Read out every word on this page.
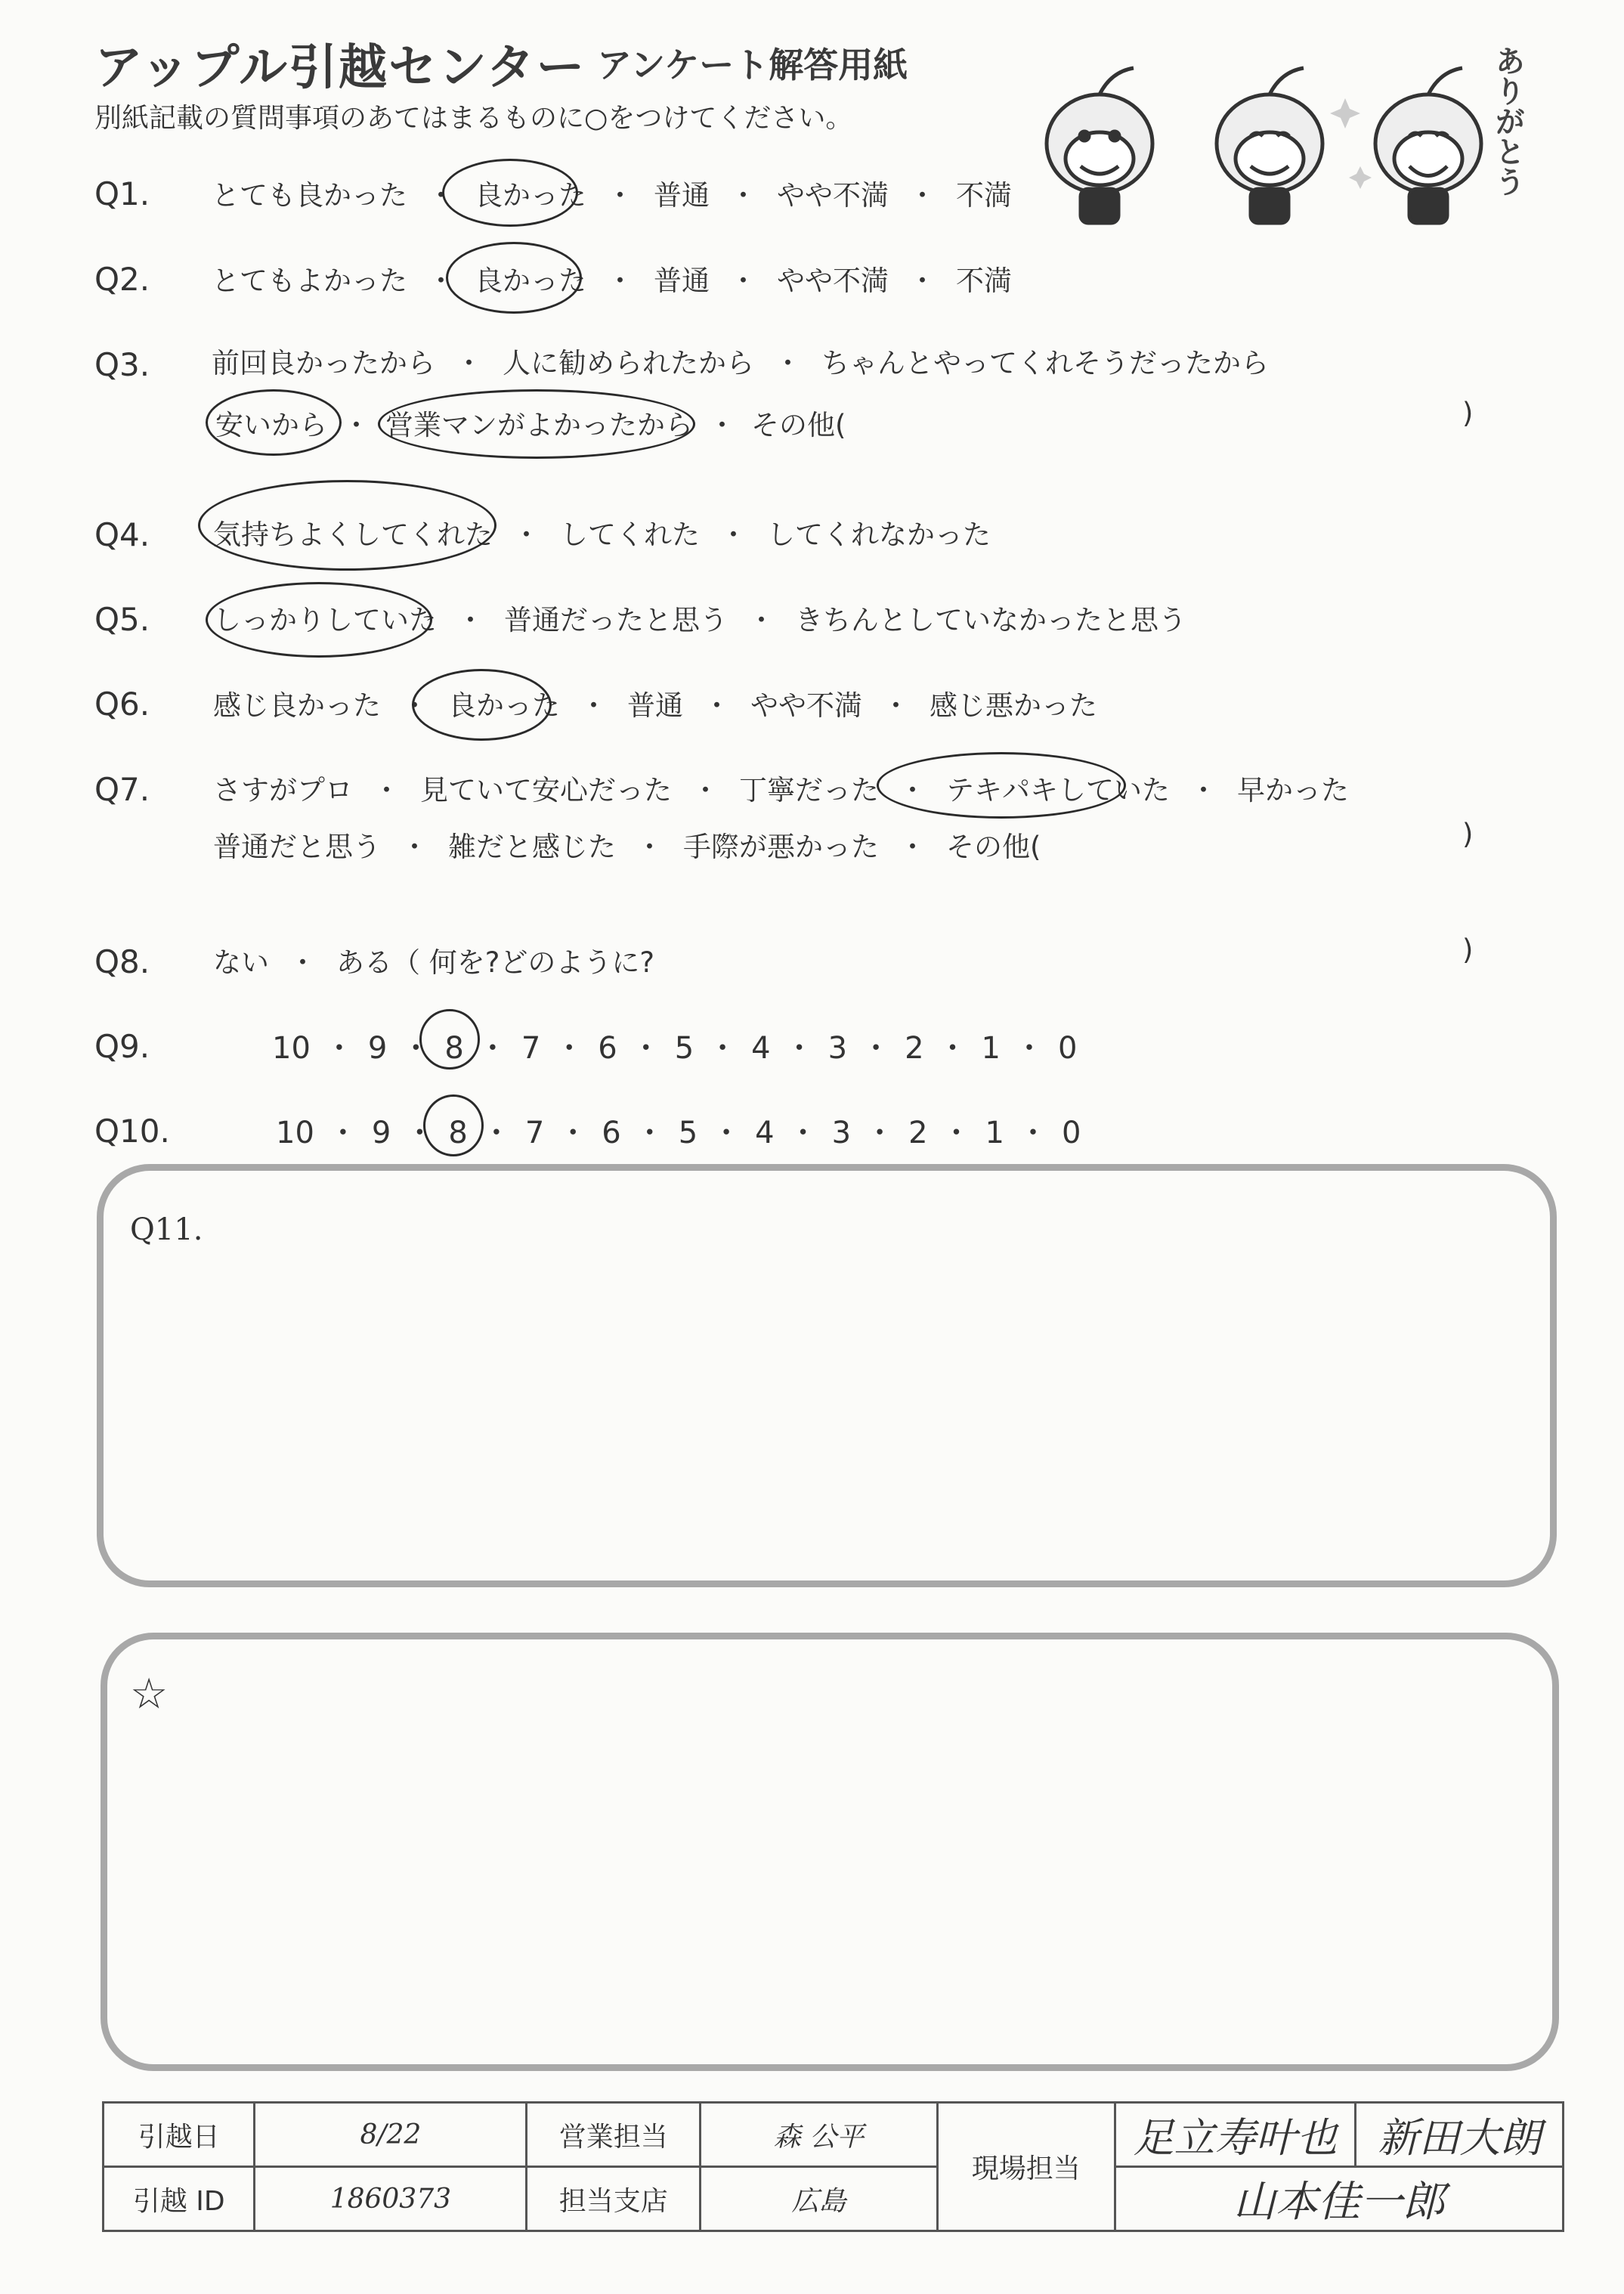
アップル引越センター アンケート解答用紙
別紙記載の質問事項のあてはまるものに○をつけてください。	ありがとう
Q1. とても良かった ・ 良かった ・ 普通 ・ やや不満 ・ 不満
Q2. とてもよかった ・ 良かった ・ 普通 ・ やや不満 ・ 不満
Q3. 前回良かったから ・ 人に勧められたから ・ ちゃんとやってくれそうだったから
安いから ・ 営業マンがよかったから ・ その他(	)
Q4. 気持ちよくしてくれた ・ してくれた ・ してくれなかった
Q5. しっかりしていた ・ 普通だったと思う ・ きちんとしていなかったと思う
Q6. 感じ良かった ・ 良かった ・ 普通 ・ やや不満 ・ 感じ悪かった
Q7. さすがプロ ・ 見ていて安心だった ・ 丁寧だった ・ テキパキしていた ・ 早かった
普通だと思う ・ 雑だと感じた ・ 手際が悪かった ・ その他(	)
Q8. ない ・ ある（ 何を?どのように?	)
Q9.	10 ・ 9 ・ 8 ・ 7 ・ 6 ・ 5 ・ 4 ・ 3 ・ 2 ・ 1 ・ 0
Q10.	10 ・ 9 ・ 8 ・ 7 ・ 6 ・ 5 ・ 4 ・ 3 ・ 2 ・ 1 ・ 0
Q11.
☆
引越日	8/22	営業担当	森 公平	現場担当	足立寿叶也	新田大朗
引越 ID	1860373	担当支店	広島		山本佳一郎	
